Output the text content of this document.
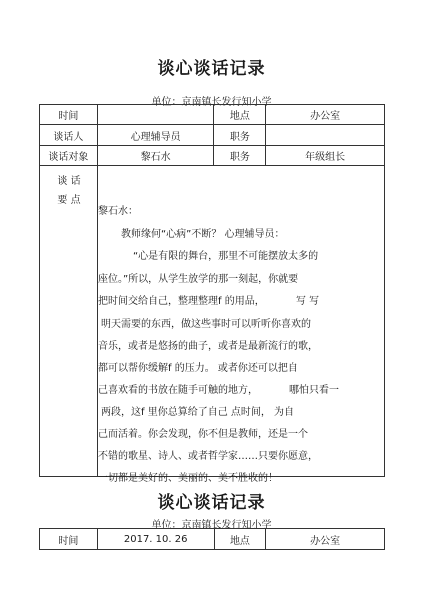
谈心谈话记录
单位：京南镇长发行知小学
时间		地点	办公室
谈话人	心理辅导员	职务	
谈话对象	黎石水	职务	年级组长

谈 话
要 点			

黎石水：
教师缘何“心病”不断？ 心理辅导员：
“心是有限的舞台，那里不可能摆放太多的
座位。”所以，从学生放学的那一刻起，你就要
把时间交给自己，整理整理f 的用品，	写 写
明天需要的东西，做这些事时可以听听你喜欢的
音乐，或者是悠扬的曲子，或者是最新流行的歌，
都可以帮你缓解f 的压力。 或者你还可以把自
己喜欢看的书放在随手可触的地方，	哪怕只看一
两段，这f 里你总算给了自己 点时间， 为自
己而活着。你会发现，你不但是教师，还是一个
不错的歌星、诗人、或者哲学家……只要你愿意，
一切都是美好的、美丽的、美不胜收的！
谈心谈话记录
单位：京南镇长发行知小学
时间	2017. 10. 26	地点	办公室
